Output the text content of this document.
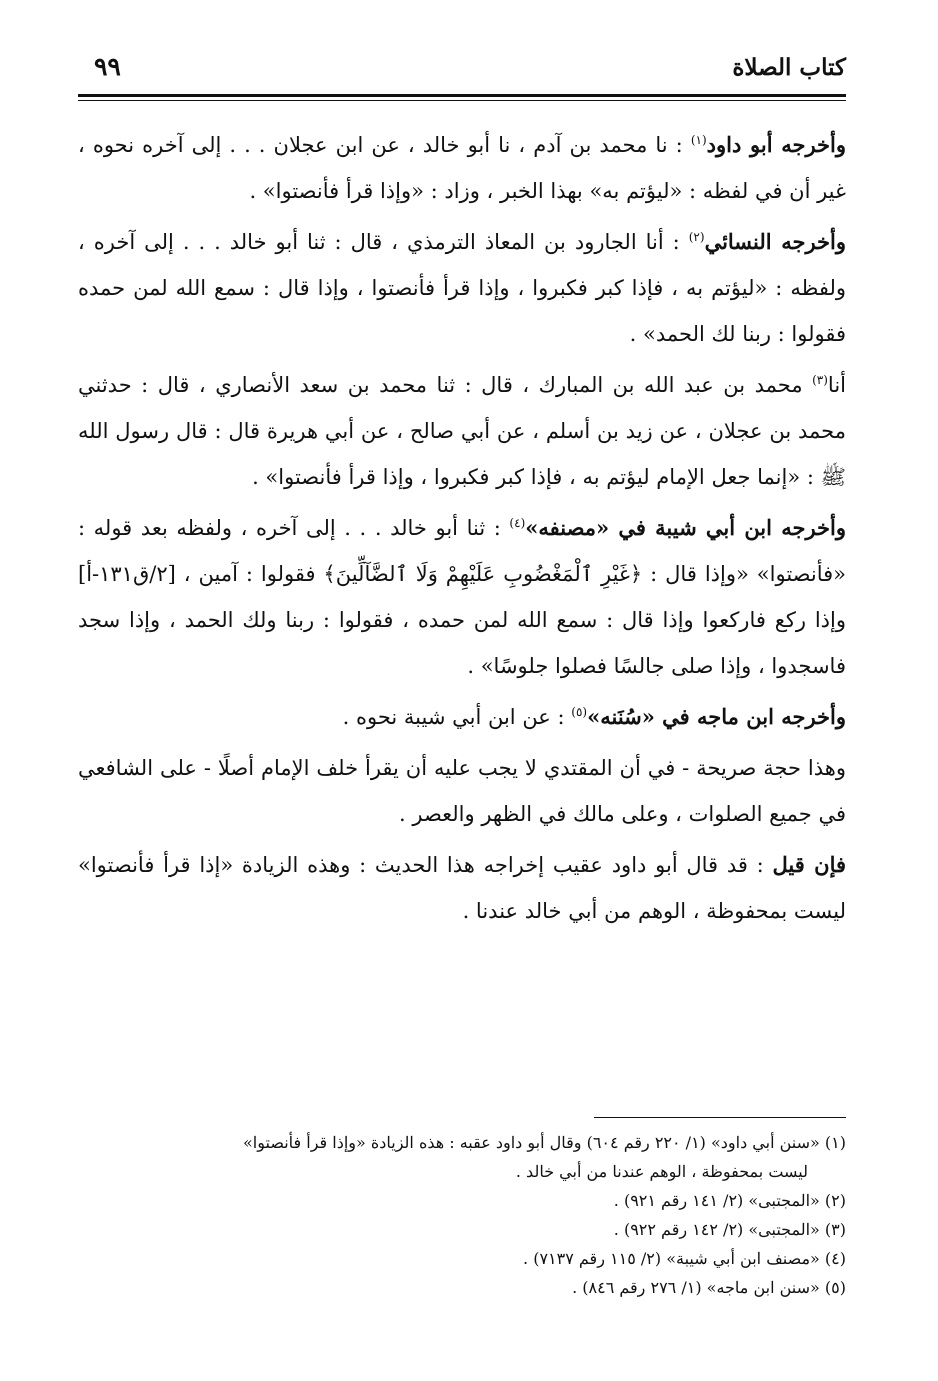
كتاب الصلاة
٩٩

وأخرجه أبو داود$^{(١)}$ : نا محمد بن آدم ، نا أبو خالد ، عن ابن عجلان . . . إلى آخره نحوه ، غير أن في لفظه : «ليؤتم به» بهذا الخبر ، وزاد : «وإذا قرأ فأنصتوا» .

وأخرجه النسائي$^{(٢)}$ : أنا الجارود بن المعاذ الترمذي ، قال : ثنا أبو خالد . . . إلى آخره ، ولفظه : «ليؤتم به ، فإذا كبر فكبروا ، وإذا قرأ فأنصتوا ، وإذا قال : سمع الله لمن حمده فقولوا : ربنا لك الحمد» .

أنا$^{(٣)}$ محمد بن عبد الله بن المبارك ، قال : ثنا محمد بن سعد الأنصاري ، قال : حدثني محمد بن عجلان ، عن زيد بن أسلم ، عن أبي صالح ، عن أبي هريرة قال : قال رسول الله ﷺ : «إنما جعل الإمام ليؤتم به ، فإذا كبر فكبروا ، وإذا قرأ فأنصتوا» .

وأخرجه ابن أبي شيبة في «مصنفه»$^{(٤)}$ : ثنا أبو خالد . . . إلى آخره ، ولفظه بعد قوله : «فأنصتوا» «وإذا قال : ﴿غَيْرِ ٱلْمَغْضُوبِ عَلَيْهِمْ وَلَا ٱلضَّآلِّينَ﴾ فقولوا : آمين ، [٢/ق١٣١-أ] وإذا ركع فاركعوا وإذا قال : سمع الله لمن حمده ، فقولوا : ربنا ولك الحمد ، وإذا سجد فاسجدوا ، وإذا صلى جالسًا فصلوا جلوسًا» .

وأخرجه ابن ماجه في «سُنَنه»$^{(٥)}$ : عن ابن أبي شيبة نحوه .

وهذا حجة صريحة - في أن المقتدي لا يجب عليه أن يقرأ خلف الإمام أصلًا - على الشافعي في جميع الصلوات ، وعلى مالك في الظهر والعصر .

فإن قيل : قد قال أبو داود عقيب إخراجه هذا الحديث : وهذه الزيادة «إذا قرأ فأنصتوا» ليست بمحفوظة ، الوهم من أبي خالد عندنا .

(١) «سنن أبي داود» (١/ ٢٢٠ رقم ٦٠٤) وقال أبو داود عقبه : هذه الزيادة «وإذا قرأ فأنصتوا»

ليست بمحفوظة ، الوهم عندنا من أبي خالد .

(٢) «المجتبى» (٢/ ١٤١ رقم ٩٢١) .

(٣) «المجتبى» (٢/ ١٤٢ رقم ٩٢٢) .

(٤) «مصنف ابن أبي شيبة» (٢/ ١١٥ رقم ٧١٣٧) .

(٥) «سنن ابن ماجه» (١/ ٢٧٦ رقم ٨٤٦) .
